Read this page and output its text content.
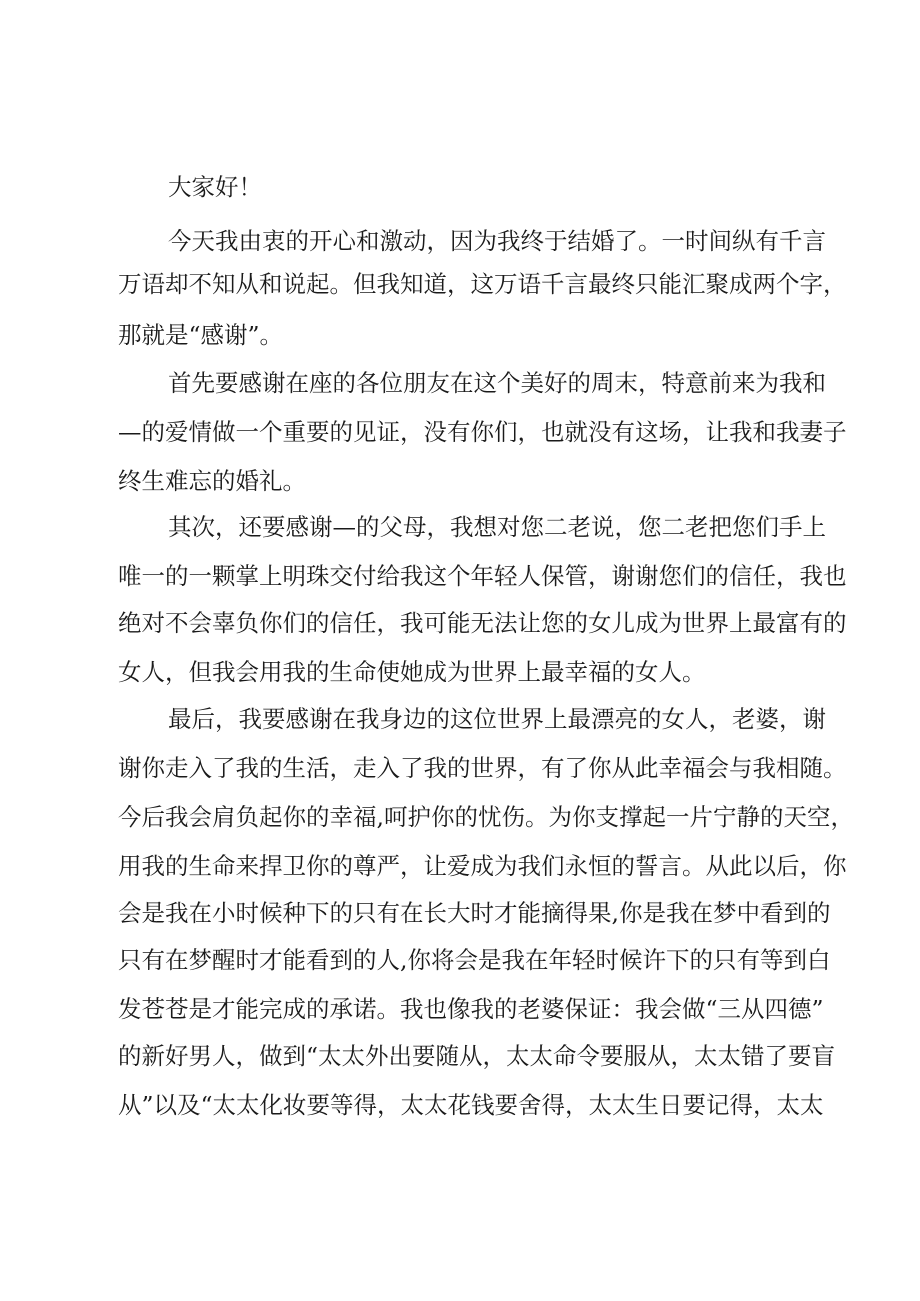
大家好！
今天我由衷的开心和激动，因为我终于结婚了。一时间纵有千言
万语却不知从和说起。但我知道，这万语千言最终只能汇聚成两个字，
那就是“感谢”。
首先要感谢在座的各位朋友在这个美好的周末，特意前来为我和
—的爱情做一个重要的见证，没有你们，也就没有这场，让我和我妻子
终生难忘的婚礼。
其次，还要感谢—的父母，我想对您二老说，您二老把您们手上
唯一的一颗掌上明珠交付给我这个年轻人保管，谢谢您们的信任，我也
绝对不会辜负你们的信任，我可能无法让您的女儿成为世界上最富有的
女人，但我会用我的生命使她成为世界上最幸福的女人。
最后，我要感谢在我身边的这位世界上最漂亮的女人，老婆，谢
谢你走入了我的生活，走入了我的世界，有了你从此幸福会与我相随。
今后我会肩负起你的幸福,呵护你的忧伤。为你支撑起一片宁静的天空，
用我的生命来捍卫你的尊严，让爱成为我们永恒的誓言。从此以后，你
会是我在小时候种下的只有在长大时才能摘得果,你是我在梦中看到的
只有在梦醒时才能看到的人,你将会是我在年轻时候许下的只有等到白
发苍苍是才能完成的承诺。我也像我的老婆保证：我会做“三从四德”
的新好男人，做到“太太外出要随从，太太命令要服从，太太错了要盲
从”以及“太太化妆要等得，太太花钱要舍得，太太生日要记得，太太
